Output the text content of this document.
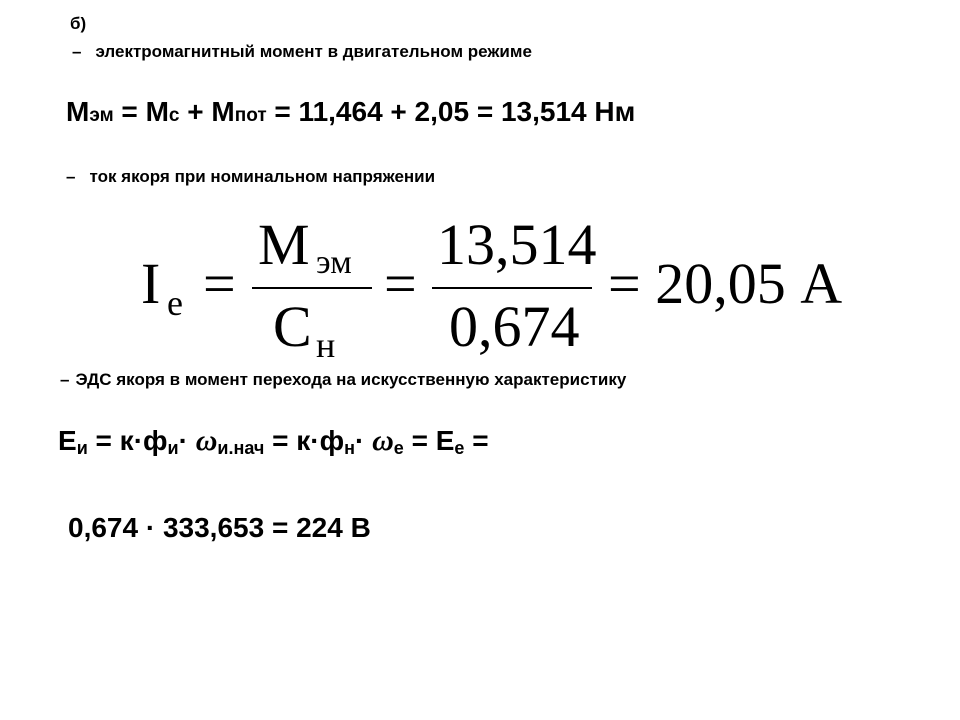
б)
– электромагнитный момент в двигательном режиме
Мэм = Мс + Мпот = 11,464 + 2,05 = 13,514 Нм
– ток якоря при номинальном напряжении
I е =
М эм
С н
=
13,514
0,674
= 20,05 А
– ЭДС якоря в момент перехода на искусственную характеристику
Еи = к·фи· ωи.нач = к·фн· ωе = Ее =
0,674 · 333,653 = 224 В
